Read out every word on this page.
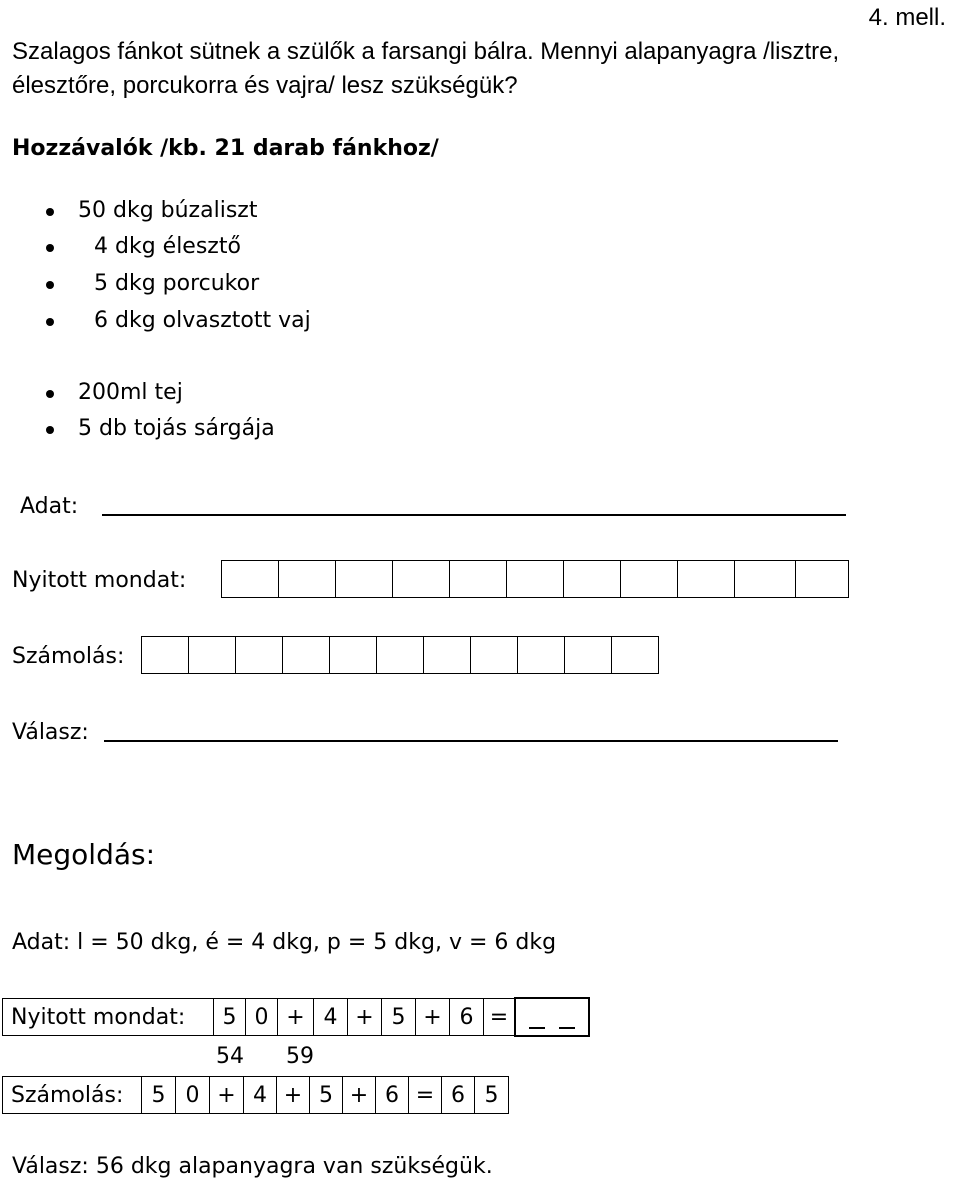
4. mell.
Szalagos fánkot sütnek a szülők a farsangi bálra. Mennyi alapanyagra /lisztre,
élesztőre, porcukorra és vajra/ lesz szükségük?
Hozzávalók /kb. 21 darab fánkhoz/
50 dkg búzaliszt
4 dkg élesztő
5 dkg porcukor
6 dkg olvasztott vaj
200ml tej
5 db tojás sárgája
Adat:
Nyitott mondat:
Számolás:
Válasz:
Megoldás:
Adat: l = 50 dkg, é = 4 dkg, p = 5 dkg, v = 6 dkg
Nyitott mondat:	5 0 + 4 + 5 + 6 =
54 59
Számolás:	5 0 + 4 + 5 + 6 = 6 5
Válasz: 56 dkg alapanyagra van szükségük.
